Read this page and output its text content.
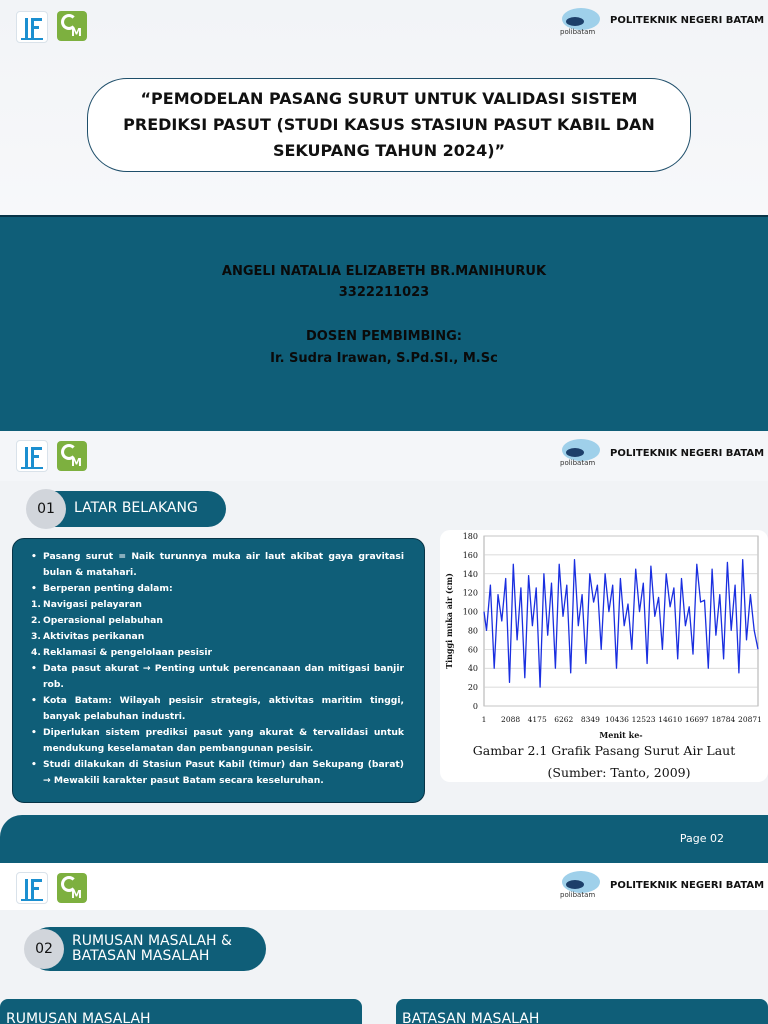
M	polibatam
POLITEKNIK NEGERI BATAM
“PEMODELAN PASANG SURUT UNTUK VALIDASI SISTEM PREDIKSI PASUT (STUDI KASUS STASIUN PASUT KABIL DAN SEKUPANG TAHUN 2024)”
ANGELI NATALIA ELIZABETH BR.MANIHURUK
3322211023
DOSEN PEMBIMBING:
Ir. Sudra Irawan, S.Pd.SI., M.Sc
M	polibatam
POLITEKNIK NEGERI BATAM
01	LATAR BELAKANG
• Pasang surut = Naik turunnya muka air laut akibat gaya gravitasi bulan & matahari.
• Berperan penting dalam:
1. Navigasi pelayaran
2. Operasional pelabuhan
3. Aktivitas perikanan
4. Reklamasi & pengelolaan pesisir
• Data pasut akurat → Penting untuk perencanaan dan mitigasi banjir rob.
• Kota Batam: Wilayah pesisir strategis, aktivitas maritim tinggi, banyak pelabuhan industri.
• Diperlukan sistem prediksi pasut yang akurat & tervalidasi untuk mendukung keselamatan dan pembangunan pesisir.
• Studi dilakukan di Stasiun Pasut Kabil (timur) dan Sekupang (barat) → Mewakili karakter pasut Batam secara keseluruhan.
0
20
40
60
80
100
120
140
160
180
1 2088 4175 6262 8349 10436 12523 14610 16697 18784 20871
Menit ke-
Tinggi muka air (cm)
Gambar 2.1 Grafik Pasang Surut Air Laut
(Sumber: Tanto, 2009)
Page 02
M	polibatam
POLITEKNIK NEGERI BATAM
02	RUMUSAN MASALAH &
BATASAN MASALAH
RUMUSAN MASALAH	BATASAN MASALAH
